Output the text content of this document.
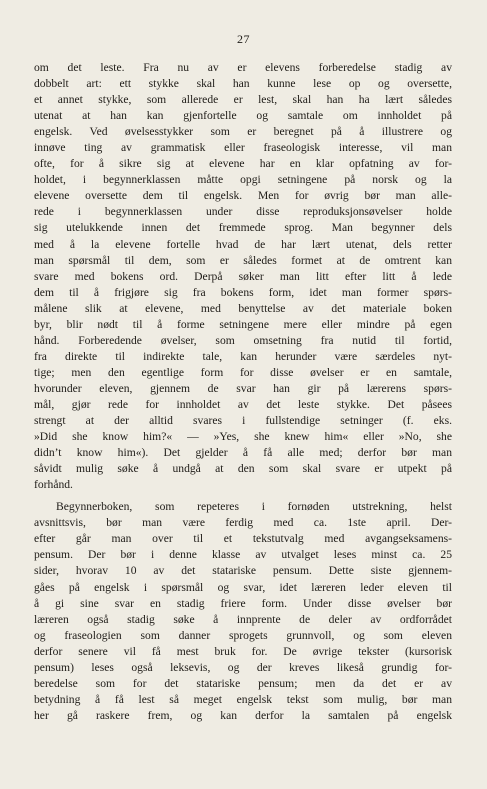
27
om det leste. Fra nu av er elevens forberedelse stadig av
dobbelt art: ett stykke skal han kunne lese op og oversette,
et annet stykke, som allerede er lest, skal han ha lært således
utenat at han kan gjenfortelle og samtale om innholdet på
engelsk. Ved øvelsesstykker som er beregnet på å illustrere og
innøve ting av grammatisk eller fraseologisk interesse, vil man
ofte, for å sikre sig at elevene har en klar opfatning av for-
holdet, i begynnerklassen måtte opgi setningene på norsk og la
elevene oversette dem til engelsk. Men for øvrig bør man alle-
rede i begynnerklassen under disse reproduksjonsøvelser holde
sig utelukkende innen det fremmede sprog. Man begynner dels
med å la elevene fortelle hvad de har lært utenat, dels retter
man spørsmål til dem, som er således formet at de omtrent kan
svare med bokens ord. Derpå søker man litt efter litt å lede
dem til å frigjøre sig fra bokens form, idet man former spørs-
målene slik at elevene, med benyttelse av det materiale boken
byr, blir nødt til å forme setningene mere eller mindre på egen
hånd. Forberedende øvelser, som omsetning fra nutid til fortid,
fra direkte til indirekte tale, kan herunder være særdeles nyt-
tige; men den egentlige form for disse øvelser er en samtale,
hvorunder eleven, gjennem de svar han gir på lærerens spørs-
mål, gjør rede for innholdet av det leste stykke. Det påsees
strengt at der alltid svares i fullstendige setninger (f. eks.
»Did she know him?« — »Yes, she knew him« eller »No, she
didn’t know him«). Det gjelder å få alle med; derfor bør man
såvidt mulig søke å undgå at den som skal svare er utpekt på
forhånd.
Begynnerboken, som repeteres i fornøden utstrekning, helst
avsnittsvis, bør man være ferdig med ca. 1ste april. Der-
efter går man over til et tekstutvalg med avgangseksamens-
pensum. Der bør i denne klasse av utvalget leses minst ca. 25
sider, hvorav 10 av det statariske pensum. Dette siste gjennem-
gåes på engelsk i spørsmål og svar, idet læreren leder eleven til
å gi sine svar en stadig friere form. Under disse øvelser bør
læreren også stadig søke å innprente de deler av ordforrådet
og fraseologien som danner sprogets grunnvoll, og som eleven
derfor senere vil få mest bruk for. De øvrige tekster (kursorisk
pensum) leses også leksevis, og der kreves likeså grundig for-
beredelse som for det statariske pensum; men da det er av
betydning å få lest så meget engelsk tekst som mulig, bør man
her gå raskere frem, og kan derfor la samtalen på engelsk
